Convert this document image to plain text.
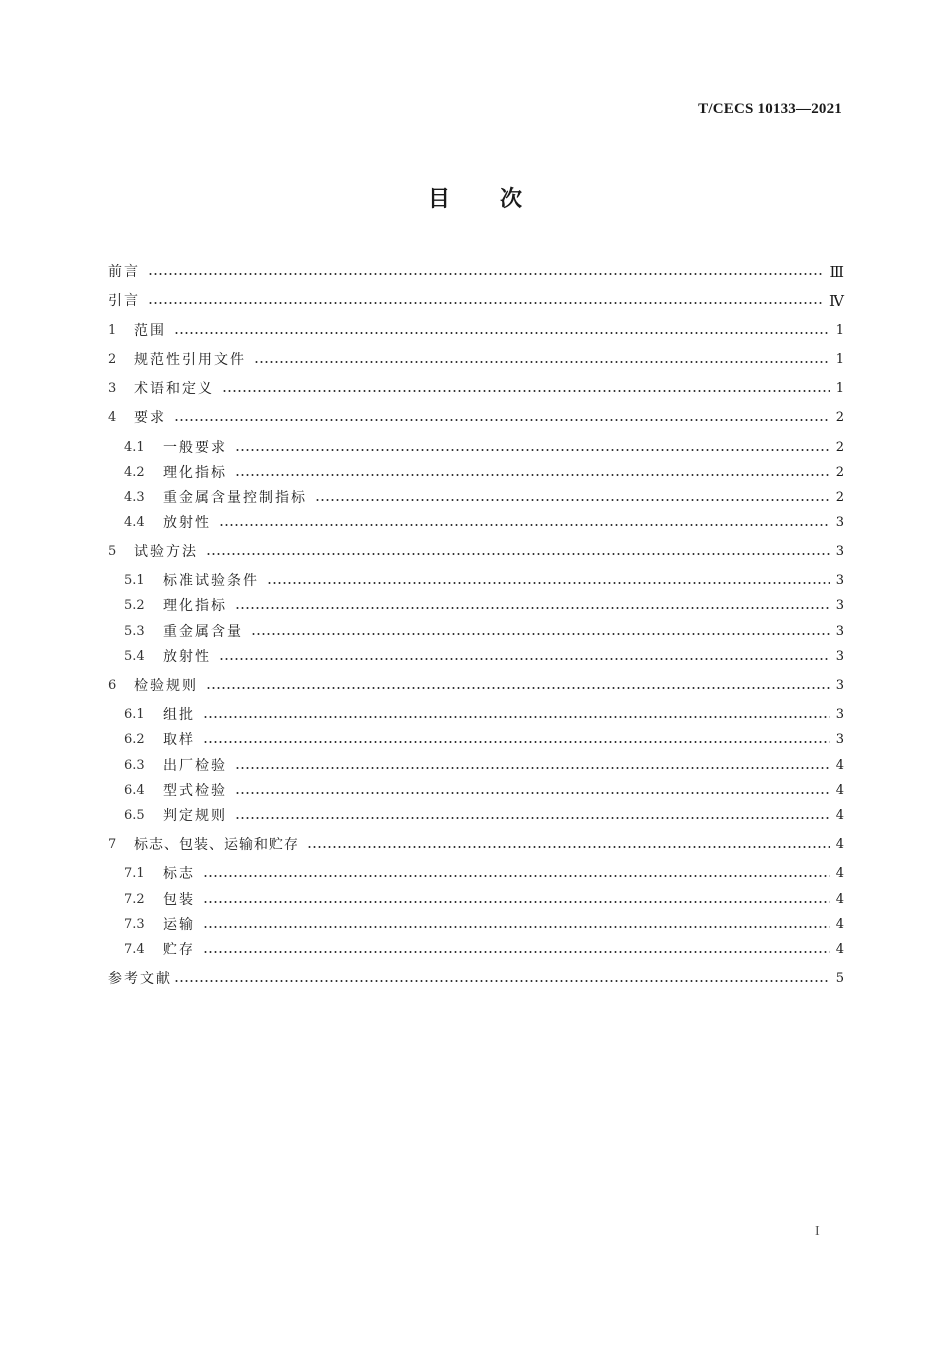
T/CECS 10133—2021
目次
前言	Ⅲ
引言	Ⅳ
1	范围	1
2	规范性引用文件	1
3	术语和定义	1
4	要求	2
4.1	一般要求	2
4.2	理化指标	2
4.3	重金属含量控制指标	2
4.4	放射性	3
5	试验方法	3
5.1	标准试验条件	3
5.2	理化指标	3
5.3	重金属含量	3
5.4	放射性	3
6	检验规则	3
6.1	组批	3
6.2	取样	3
6.3	出厂检验	4
6.4	型式检验	4
6.5	判定规则	4
7	标志、包装、运输和贮存	4
7.1	标志	4
7.2	包装	4
7.3	运输	4
7.4	贮存	4
参考文献	5
I
